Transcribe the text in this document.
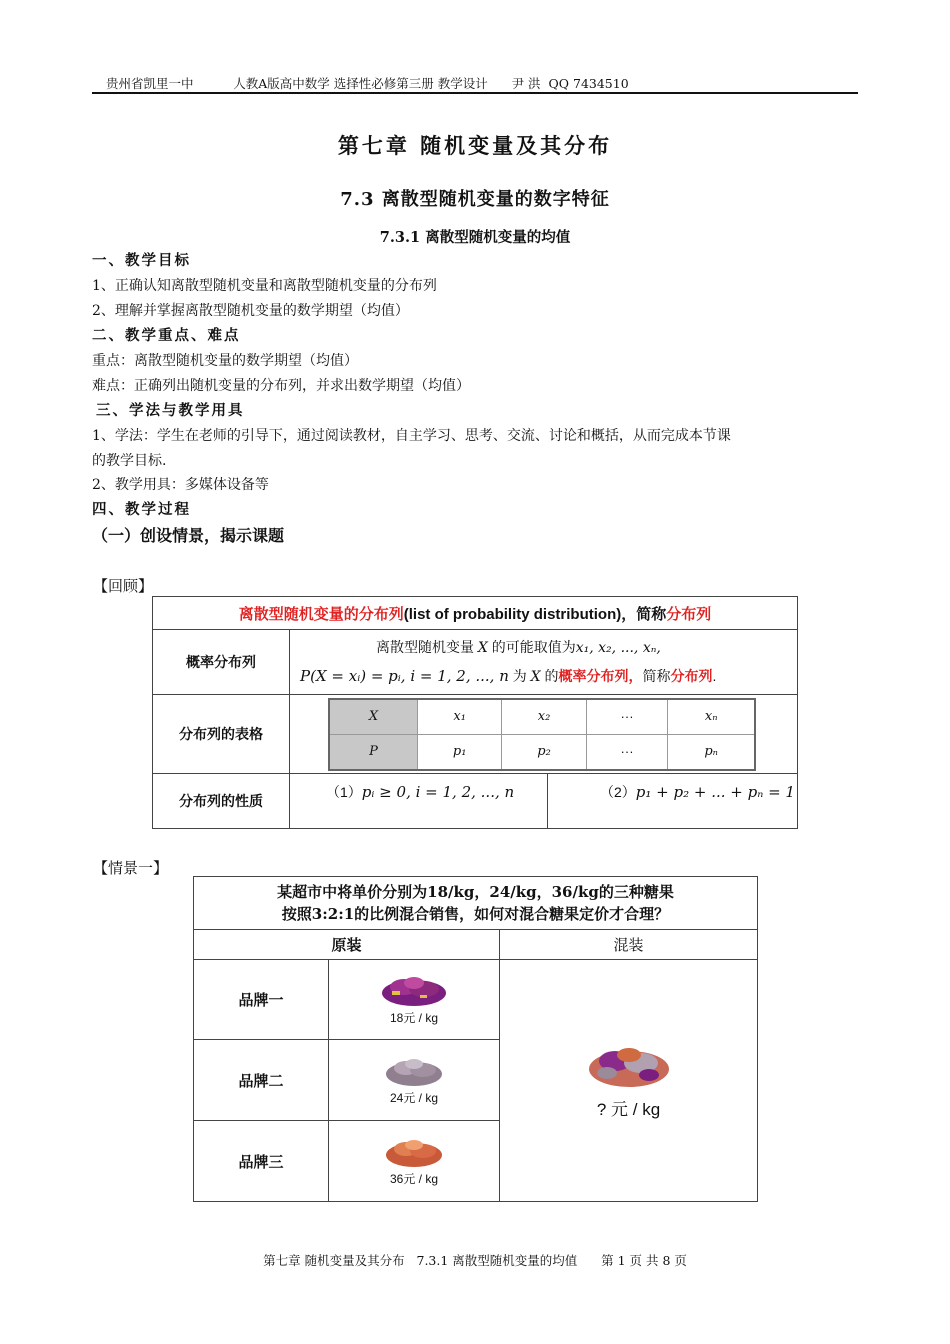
贵州省凯里一中	人教A版高中数学 选择性必修第三册 教学设计 尹 洪 QQ 7434510
第七章 随机变量及其分布
7.3 离散型随机变量的数字特征
7.3.1 离散型随机变量的均值
一、教学目标
1、正确认知离散型随机变量和离散型随机变量的分布列
2、理解并掌握离散型随机变量的数学期望（均值）
二、教学重点、难点
重点：离散型随机变量的数学期望（均值）
难点：正确列出随机变量的分布列，并求出数学期望（均值）
三、学法与教学用具
1、学法：学生在老师的引导下，通过阅读教材，自主学习、思考、交流、讨论和概括，从而完成本节课
的教学目标.
2、教学用具：多媒体设备等
四、教学过程
（一）创设情景，揭示课题
【回顾】
离散型随机变量的分布列(list of probability distribution)，简称分布列
概率分布列	
离散型随机变量 X 的可能取值为x₁, x₂, ..., xₙ,
P(X = xᵢ) = pᵢ, i = 1, 2, ..., n 为 X 的概率分布列，简称分布列.

分布列的表格	
X	x₁	x₂	···	xₙ
P	p₁	p₂	···	pₙ

分布列的性质	（1）pᵢ ≥ 0, i = 1, 2, ..., n	（2）p₁ + p₂ + ... + pₙ = 1
【情景一】
某超市中将单价分别为18/kg，24/kg，36/kg的三种糖果
按照3:2:1的比例混合销售，如何对混合糖果定价才合理？		

原装		混装
品牌一	18元 / kg	? 元 / kg

品牌二	24元 / kg	

品牌三	36元 / kg	
第七章 随机变量及其分布 7.3.1 离散型随机变量的均值 第 1 页 共 8 页
